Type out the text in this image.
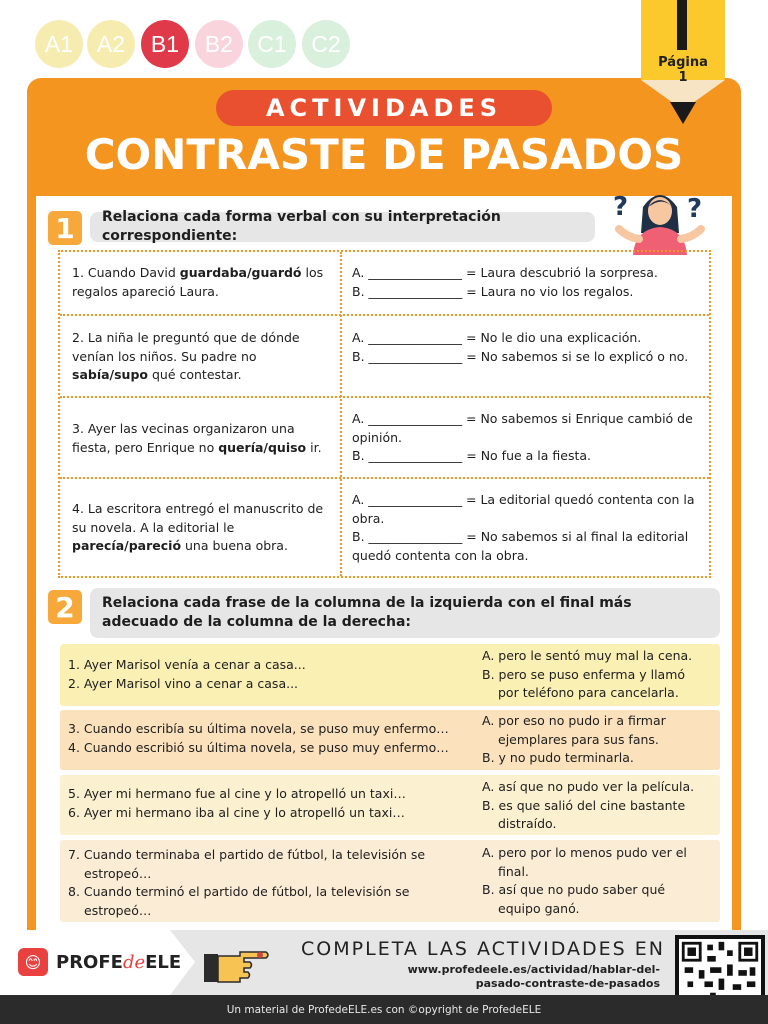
A1 A2 B1 B2 C1 C2
Página
1
ACTIVIDADES
CONTRASTE DE PASADOS
? ?
1 Relaciona cada forma verbal con su interpretación correspondiente:
1. Cuando David guardaba/guardó los regalos apareció Laura.
A. _______________ = Laura descubrió la sorpresa.
B. _______________ = Laura no vio los regalos.
2. La niña le preguntó que de dónde venían los niños. Su padre no sabía/supo qué contestar.
A. _______________ = No le dio una explicación.
B. _______________ = No sabemos si se lo explicó o no.
3. Ayer las vecinas organizaron una fiesta, pero Enrique no quería/quiso ir.
A. _______________ = No sabemos si Enrique cambió de opinión.
B. _______________ = No fue a la fiesta.
4. La escritora entregó el manuscrito de su novela. A la editorial le parecía/pareció una buena obra.
A. _______________ = La editorial quedó contenta con la obra.
B. _______________ = No sabemos si al final la editorial quedó contenta con la obra.
2 Relaciona cada frase de la columna de la izquierda con el final más adecuado de la columna de la derecha:
1. Ayer Marisol venía a cenar a casa...
2. Ayer Marisol vino a cenar a casa...
A. pero le sentó muy mal la cena.
B. pero se puso enferma y llamó
por teléfono para cancelarla.
3. Cuando escribía su última novela, se puso muy enfermo…
4. Cuando escribió su última novela, se puso muy enfermo…
A. por eso no pudo ir a firmar
ejemplares para sus fans.
B. y no pudo terminarla.
5. Ayer mi hermano fue al cine y lo atropelló un taxi…
6. Ayer mi hermano iba al cine y lo atropelló un taxi…
A. así que no pudo ver la película.
B. es que salió del cine bastante
distraído.
7. Cuando terminaba el partido de fútbol, la televisión se
estropeó…
8. Cuando terminó el partido de fútbol, la televisión se
estropeó…
A. pero por lo menos pudo ver el
final.
B. así que no pudo saber qué
equipo ganó.
😊 PROFEdeELE
COMPLETA LAS ACTIVIDADES EN
www.profedeele.es/actividad/hablar-del-
pasado-contraste-de-pasados
Un material de ProfedeELE.es con ©opyright de ProfedeELE
